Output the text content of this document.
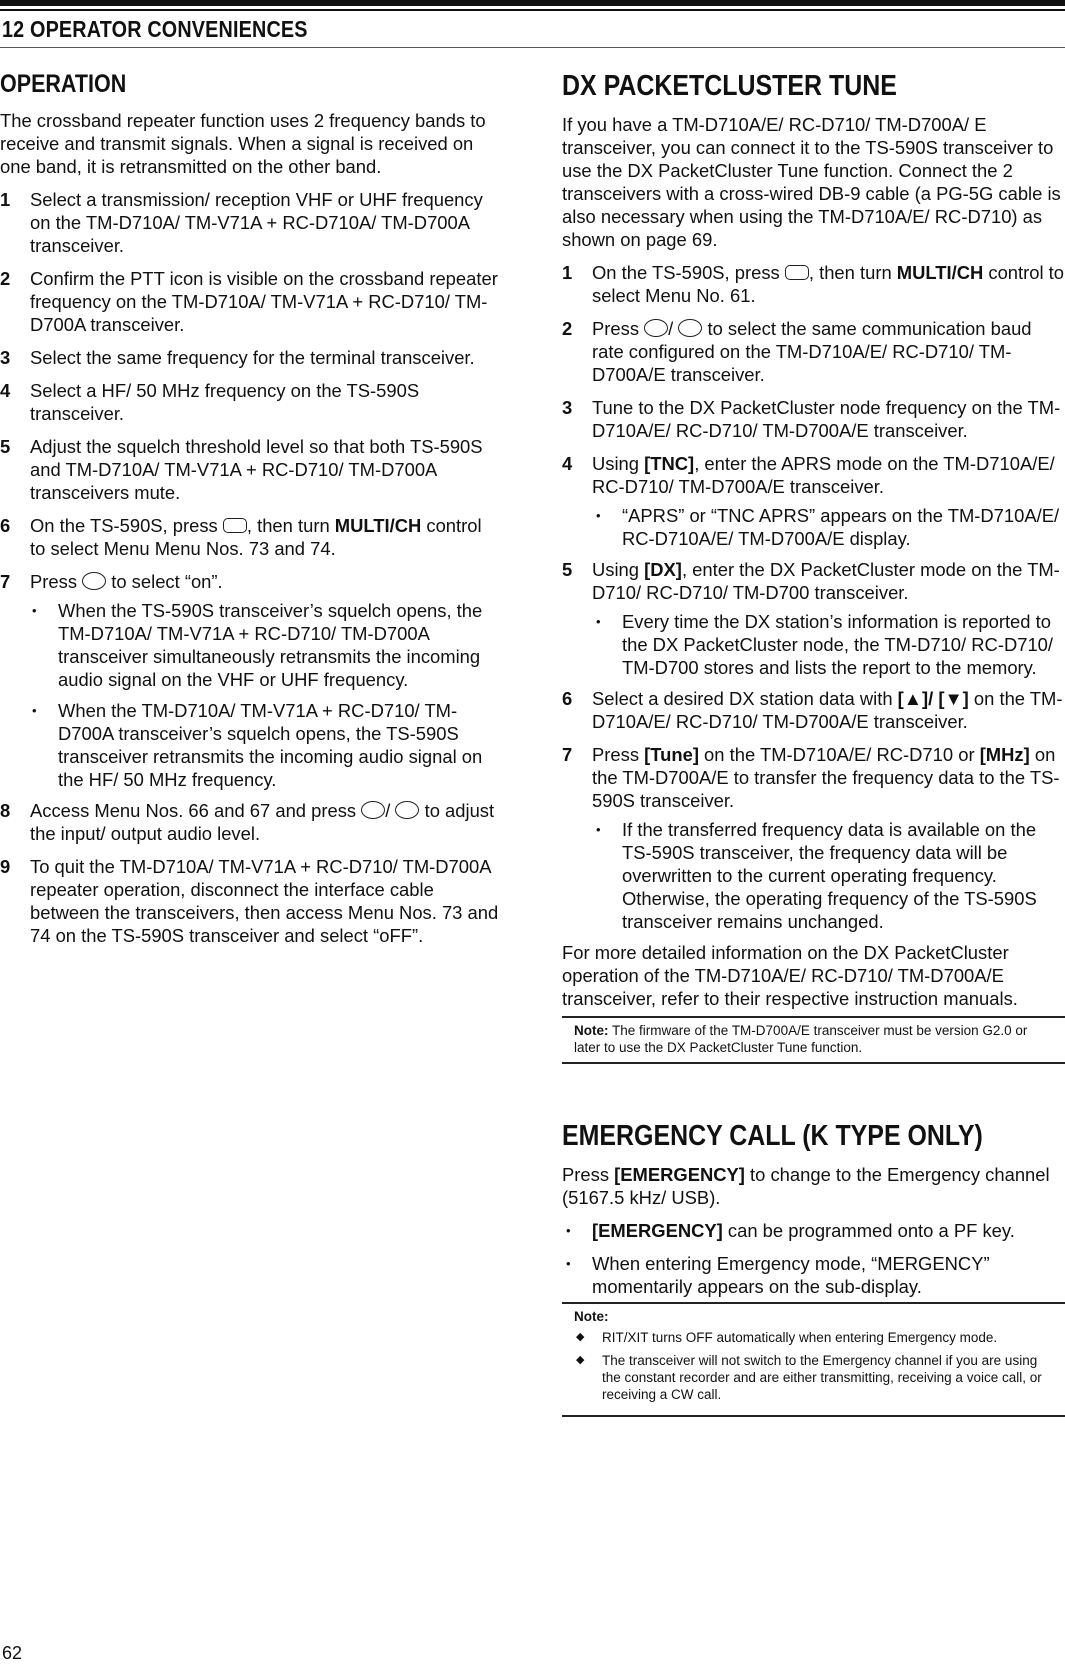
12 OPERATOR CONVENIENCES
OPERATION

The crossband repeater function uses 2 frequency bands to receive and transmit signals. When a signal is received on one band, it is retransmitted on the other band.

1 Select a transmission/ reception VHF or UHF frequency on the TM-D710A/ TM-V71A + RC-D710A/ TM-D700A transceiver.
2 Confirm the PTT icon is visible on the crossband repeater frequency on the TM-D710A/ TM-V71A + RC-D710/ TM-D700A transceiver.
3 Select the same frequency for the terminal transceiver.
4 Select a HF/ 50 MHz frequency on the TS-590S transceiver.
5 Adjust the squelch threshold level so that both TS-590S and TM-D710A/ TM-V71A + RC-D710/ TM-D700A transceivers mute.
6 On the TS-590S, press , then turn MULTI/CH control to select Menu Menu Nos. 73 and 74.
7 Press  to select “on”.
• When the TS-590S transceiver’s squelch opens, the TM-D710A/ TM-V71A + RC-D710/ TM-D700A transceiver simultaneously retransmits the incoming audio signal on the VHF or UHF frequency.
• When the TM-D710A/ TM-V71A + RC-D710/ TM-D700A transceiver’s squelch opens, the TS-590S transceiver retransmits the incoming audio signal on the HF/ 50 MHz frequency.
8 Access Menu Nos. 66 and 67 and press /  to adjust the input/ output audio level.
9 To quit the TM-D710A/ TM-V71A + RC-D710/ TM-D700A repeater operation, disconnect the interface cable between the transceivers, then access Menu Nos. 73 and 74 on the TS-590S transceiver and select “oFF”.
DX PACKETCLUSTER TUNE

If you have a TM-D710A/E/ RC-D710/ TM-D700A/ E transceiver, you can connect it to the TS-590S transceiver to use the DX PacketCluster Tune function. Connect the 2 transceivers with a cross-wired DB-9 cable (a PG-5G cable is also necessary when using the TM-D710A/E/ RC-D710) as shown on page 69.

1 On the TS-590S, press , then turn MULTI/CH control to select Menu No. 61.
2 Press /  to select the same communication baud rate configured on the TM-D710A/E/ RC-D710/ TM-D700A/E transceiver.
3 Tune to the DX PacketCluster node frequency on the TM-D710A/E/ RC-D710/ TM-D700A/E transceiver.
4 Using [TNC], enter the APRS mode on the TM-D710A/E/ RC-D710/ TM-D700A/E transceiver.
• “APRS” or “TNC APRS” appears on the TM-D710A/E/ RC-D710A/E/ TM-D700A/E display.
5 Using [DX], enter the DX PacketCluster mode on the TM-D710/ RC-D710/ TM-D700 transceiver.
• Every time the DX station’s information is reported to the DX PacketCluster node, the TM-D710/ RC-D710/ TM-D700 stores and lists the report to the memory.
6 Select a desired DX station data with [▲]/ [▼] on the TM-D710A/E/ RC-D710/ TM-D700A/E transceiver.
7 Press [Tune] on the TM-D710A/E/ RC-D710 or [MHz] on the TM-D700A/E to transfer the frequency data to the TS-590S transceiver.
• If the transferred frequency data is available on the TS-590S transceiver, the frequency data will be overwritten to the current operating frequency. Otherwise, the operating frequency of the TS-590S transceiver remains unchanged.

For more detailed information on the DX PacketCluster operation of the TM-D710A/E/ RC-D710/ TM-D700A/E transceiver, refer to their respective instruction manuals.

Note: The firmware of the TM-D700A/E transceiver must be version G2.0 or later to use the DX PacketCluster Tune function.
EMERGENCY CALL (K TYPE ONLY)

Press [EMERGENCY] to change to the Emergency channel (5167.5 kHz/ USB).

• [EMERGENCY] can be programmed onto a PF key.
• When entering Emergency mode, “MERGENCY” momentarily appears on the sub-display.
Note:
◆ RIT/XIT turns OFF automatically when entering Emergency mode.
◆ The transceiver will not switch to the Emergency channel if you are using the constant recorder and are either transmitting, receiving a voice call, or receiving a CW call.
62
